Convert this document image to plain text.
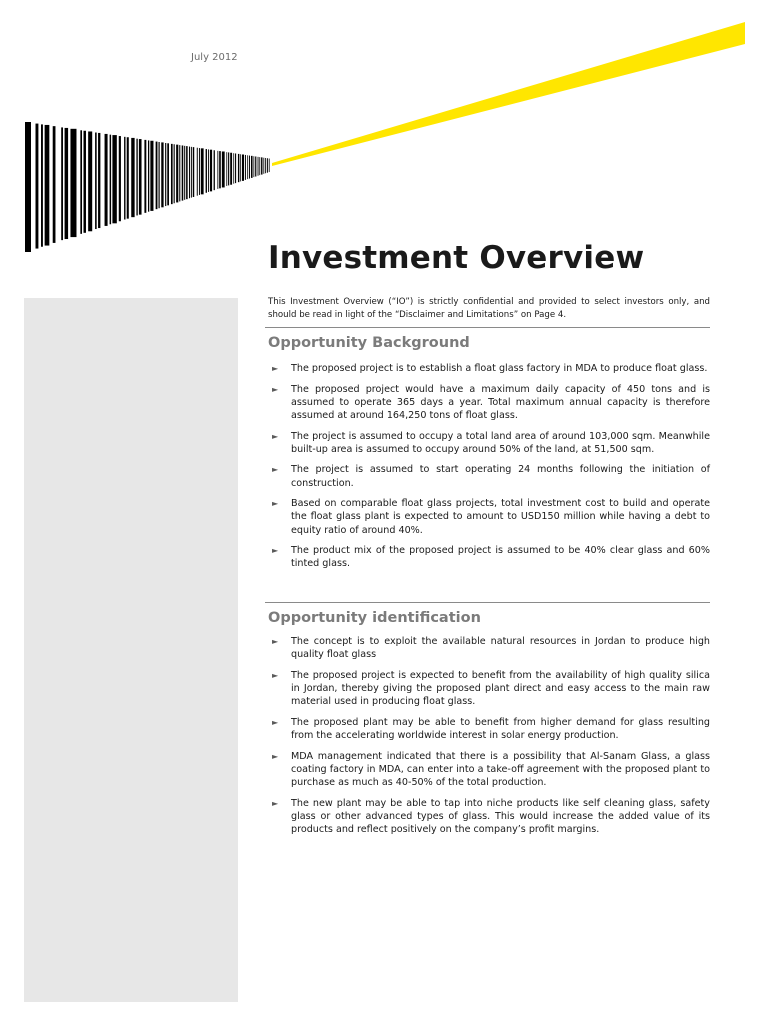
July 2012
Investment Overview

This Investment Overview (“IO”) is strictly confidential and provided to select investors only, and should be read in light of the “Disclaimer and Limitations” on Page 4.

Opportunity Background
► The proposed project is to establish a float glass factory in MDA to produce float glass.
► The proposed project would have a maximum daily capacity of 450 tons and is assumed to operate 365 days a year. Total maximum annual capacity is therefore assumed at around 164,250 tons of float glass.
► The project is assumed to occupy a total land area of around 103,000 sqm. Meanwhile built-up area is assumed to occupy around 50% of the land, at 51,500 sqm.
► The project is assumed to start operating 24 months following the initiation of construction.
► Based on comparable float glass projects, total investment cost to build and operate the float glass plant is expected to amount to USD150 million while having a debt to equity ratio of around 40%.
► The product mix of the proposed project is assumed to be 40% clear glass and 60% tinted glass.
Opportunity identification
► The concept is to exploit the available natural resources in Jordan to produce high quality float glass
► The proposed project is expected to benefit from the availability of high quality silica in Jordan, thereby giving the proposed plant direct and easy access to the main raw material used in producing float glass.
► The proposed plant may be able to benefit from higher demand for glass resulting from the accelerating worldwide interest in solar energy production.
► MDA management indicated that there is a possibility that Al-Sanam Glass, a glass coating factory in MDA, can enter into a take-off agreement with the proposed plant to purchase as much as 40-50% of the total production.
► The new plant may be able to tap into niche products like self cleaning glass, safety glass or other advanced types of glass. This would increase the added value of its products and reflect positively on the company’s profit margins.
